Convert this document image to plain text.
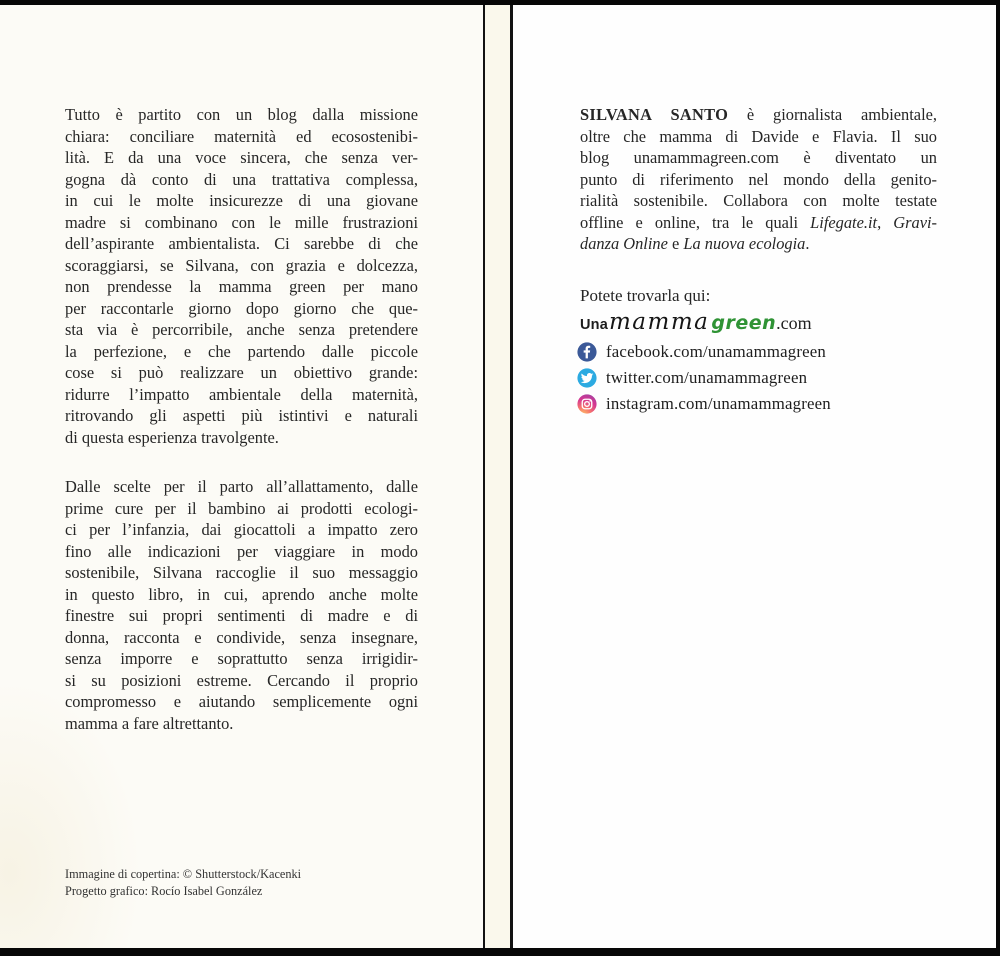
Tutto è partito con un blog dalla missione
chiara: conciliare maternità ed ecosostenibi-
lità. E da una voce sincera, che senza ver-
gogna dà conto di una trattativa complessa,
in cui le molte insicurezze di una giovane
madre si combinano con le mille frustrazioni
dell’aspirante ambientalista. Ci sarebbe di che
scoraggiarsi, se Silvana, con grazia e dolcezza,
non prendesse la mamma green per mano
per raccontarle giorno dopo giorno che que-
sta via è percorribile, anche senza pretendere
la perfezione, e che partendo dalle piccole
cose si può realizzare un obiettivo grande:
ridurre l’impatto ambientale della maternità,
ritrovando gli aspetti più istintivi e naturali
di questa esperienza travolgente.
Dalle scelte per il parto all’allattamento, dalle
prime cure per il bambino ai prodotti ecologi-
ci per l’infanzia, dai giocattoli a impatto zero
fino alle indicazioni per viaggiare in modo
sostenibile, Silvana raccoglie il suo messaggio
in questo libro, in cui, aprendo anche molte
finestre sui propri sentimenti di madre e di
donna, racconta e condivide, senza insegnare,
senza imporre e soprattutto senza irrigidir-
si su posizioni estreme. Cercando il proprio
compromesso e aiutando semplicemente ogni
mamma a fare altrettanto.
Immagine di copertina: © Shutterstock/Kacenki
Progetto grafico: Rocío Isabel González
SILVANA SANTO è giornalista ambientale,
oltre che mamma di Davide e Flavia. Il suo
blog unamammagreen.com è diventato un
punto di riferimento nel mondo della genito-
rialità sostenibile. Collabora con molte testate
offline e online, tra le quali Lifegate.it, Gravi-
danza Online e La nuova ecologia.
Potete trovarla qui:
Una mamma green .com
facebook.com/unamammagreen
twitter.com/unamammagreen
instagram.com/unamammagreen
